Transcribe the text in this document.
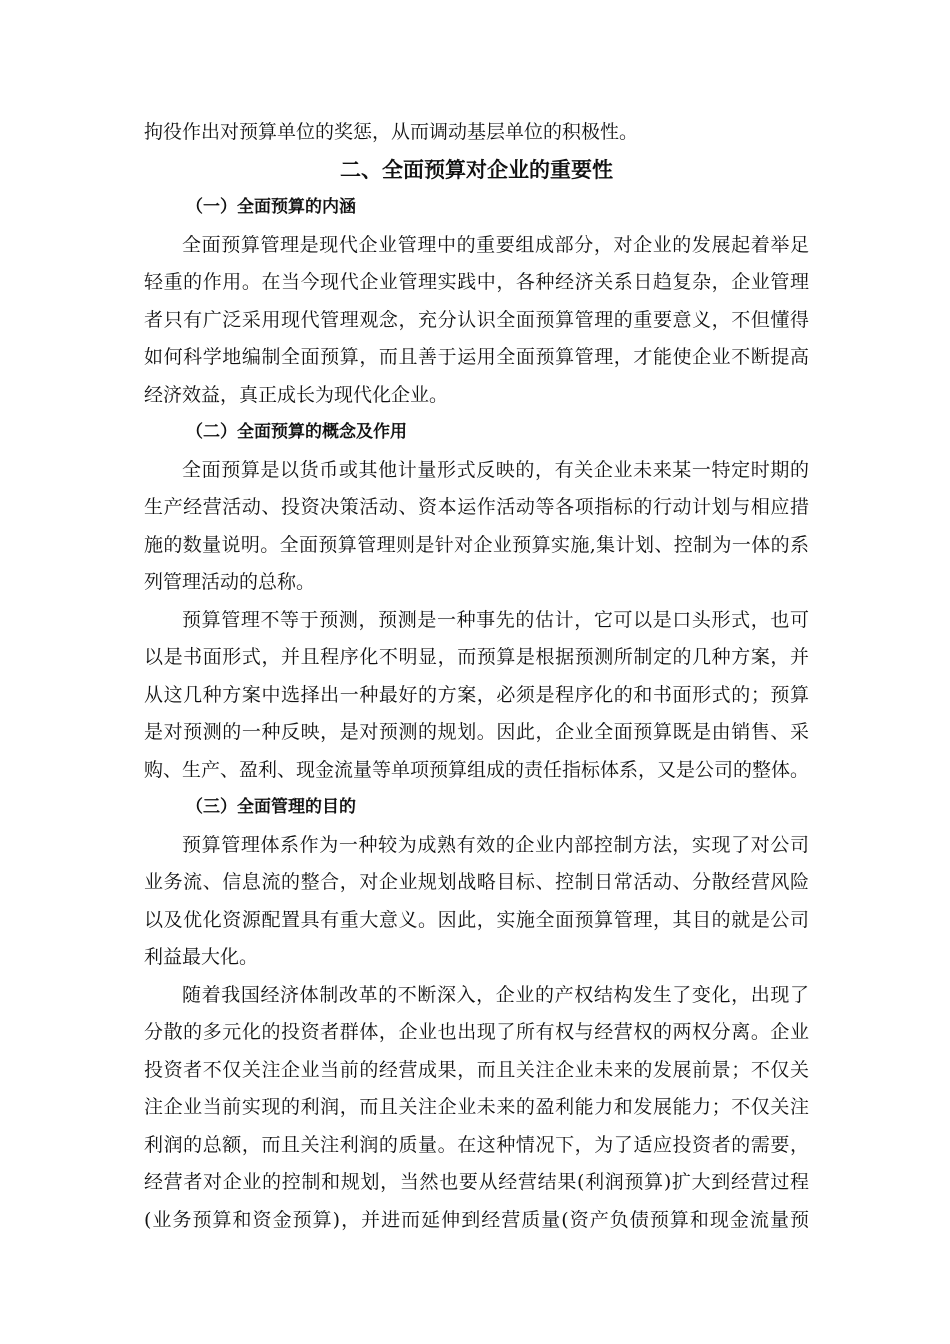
拘役作出对预算单位的奖惩，从而调动基层单位的积极性。

二、全面预算对企业的重要性
（一）全面预算的内涵

全面预算管理是现代企业管理中的重要组成部分，对企业的发展起着举足

轻重的作用。在当今现代企业管理实践中，各种经济关系日趋复杂，企业管理

者只有广泛采用现代管理观念，充分认识全面预算管理的重要意义，不但懂得

如何科学地编制全面预算，而且善于运用全面预算管理，才能使企业不断提高

经济效益，真正成长为现代化企业。

（二）全面预算的概念及作用

全面预算是以货币或其他计量形式反映的，有关企业未来某一特定时期的

生产经营活动、投资决策活动、资本运作活动等各项指标的行动计划与相应措

施的数量说明。全面预算管理则是针对企业预算实施,集计划、控制为一体的系

列管理活动的总称。

预算管理不等于预测，预测是一种事先的估计，它可以是口头形式，也可

以是书面形式，并且程序化不明显，而预算是根据预测所制定的几种方案，并

从这几种方案中选择出一种最好的方案，必须是程序化的和书面形式的；预算

是对预测的一种反映，是对预测的规划。因此，企业全面预算既是由销售、采

购、生产、盈利、现金流量等单项预算组成的责任指标体系，又是公司的整体。

（三）全面管理的目的

预算管理体系作为一种较为成熟有效的企业内部控制方法，实现了对公司

业务流、信息流的整合，对企业规划战略目标、控制日常活动、分散经营风险

以及优化资源配置具有重大意义。因此，实施全面预算管理，其目的就是公司

利益最大化。

随着我国经济体制改革的不断深入，企业的产权结构发生了变化，出现了

分散的多元化的投资者群体，企业也出现了所有权与经营权的两权分离。企业

投资者不仅关注企业当前的经营成果，而且关注企业未来的发展前景；不仅关

注企业当前实现的利润，而且关注企业未来的盈利能力和发展能力；不仅关注

利润的总额，而且关注利润的质量。在这种情况下，为了适应投资者的需要，

经营者对企业的控制和规划，当然也要从经营结果(利润预算)扩大到经营过程

(业务预算和资金预算)，并进而延伸到经营质量(资产负债预算和现金流量预
